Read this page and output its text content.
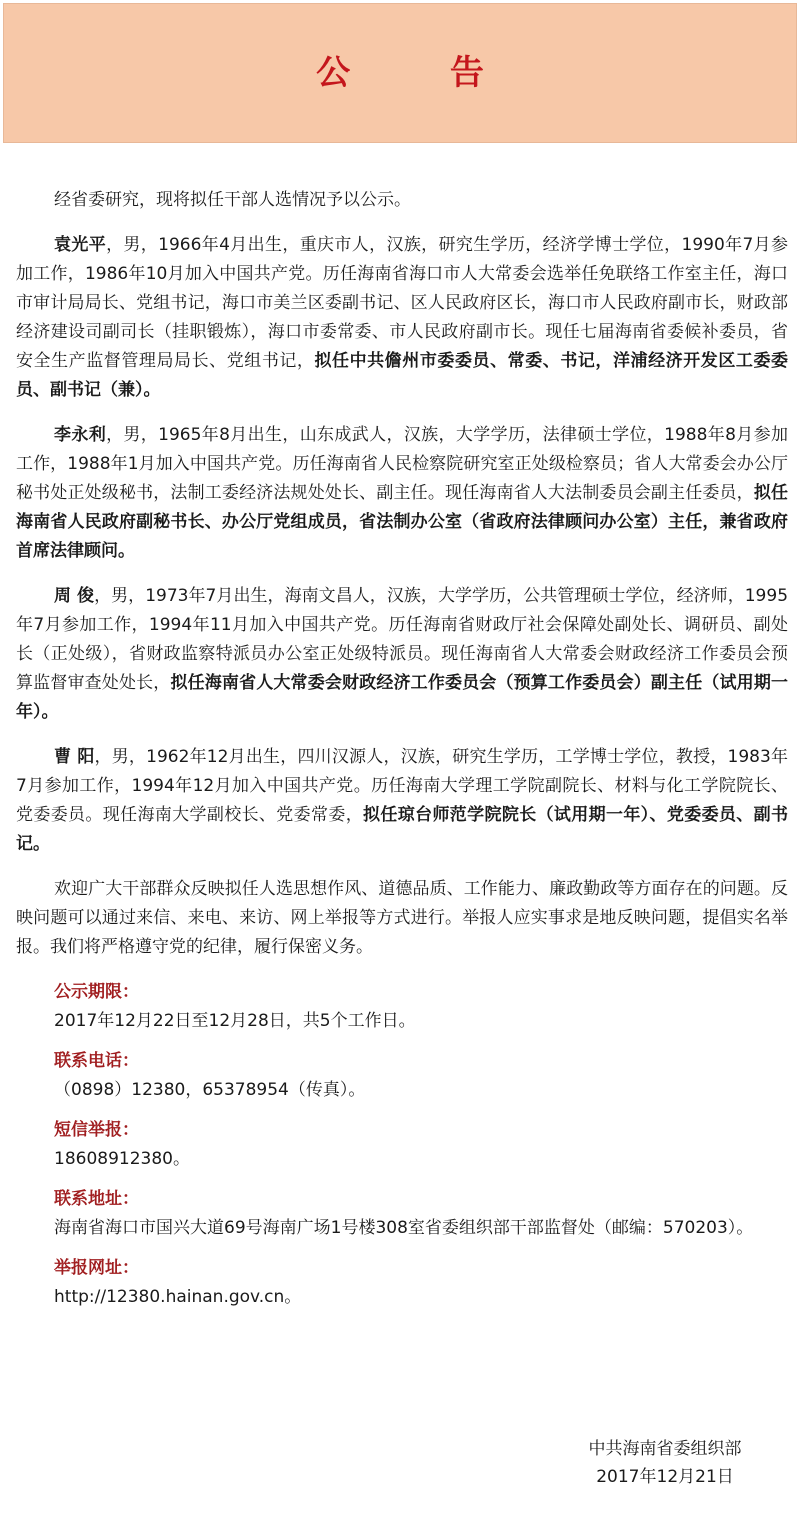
公 告

经省委研究，现将拟任干部人选情况予以公示。

袁光平，男，1966年4月出生，重庆市人，汉族，研究生学历，经济学博士学位，1990年7月参加工作，1986年10月加入中国共产党。历任海南省海口市人大常委会选举任免联络工作室主任，海口市审计局局长、党组书记，海口市美兰区委副书记、区人民政府区长，海口市人民政府副市长，财政部经济建设司副司长（挂职锻炼），海口市委常委、市人民政府副市长。现任七届海南省委候补委员，省安全生产监督管理局局长、党组书记，拟任中共儋州市委委员、常委、书记，洋浦经济开发区工委委员、副书记（兼）。

李永利，男，1965年8月出生，山东成武人，汉族，大学学历，法律硕士学位，1988年8月参加工作，1988年1月加入中国共产党。历任海南省人民检察院研究室正处级检察员；省人大常委会办公厅秘书处正处级秘书，法制工委经济法规处处长、副主任。现任海南省人大法制委员会副主任委员，拟任海南省人民政府副秘书长、办公厅党组成员，省法制办公室（省政府法律顾问办公室）主任，兼省政府首席法律顾问。

周 俊，男，1973年7月出生，海南文昌人，汉族，大学学历，公共管理硕士学位，经济师，1995年7月参加工作，1994年11月加入中国共产党。历任海南省财政厅社会保障处副处长、调研员、副处长（正处级），省财政监察特派员办公室正处级特派员。现任海南省人大常委会财政经济工作委员会预算监督审查处处长，拟任海南省人大常委会财政经济工作委员会（预算工作委员会）副主任（试用期一年）。

曹 阳，男，1962年12月出生，四川汉源人，汉族，研究生学历，工学博士学位，教授，1983年7月参加工作，1994年12月加入中国共产党。历任海南大学理工学院副院长、材料与化工学院院长、党委委员。现任海南大学副校长、党委常委，拟任琼台师范学院院长（试用期一年）、党委委员、副书记。

欢迎广大干部群众反映拟任人选思想作风、道德品质、工作能力、廉政勤政等方面存在的问题。反映问题可以通过来信、来电、来访、网上举报等方式进行。举报人应实事求是地反映问题，提倡实名举报。我们将严格遵守党的纪律，履行保密义务。

公示期限：
2017年12月22日至12月28日，共5个工作日。
联系电话：
（0898）12380，65378954（传真）。
短信举报：
18608912380。
联系地址：

海南省海口市国兴大道69号海南广场1号楼308室省委组织部干部监督处（邮编：570203）。

举报网址：
http://12380.hainan.gov.cn。
中共海南省委组织部
2017年12月21日
